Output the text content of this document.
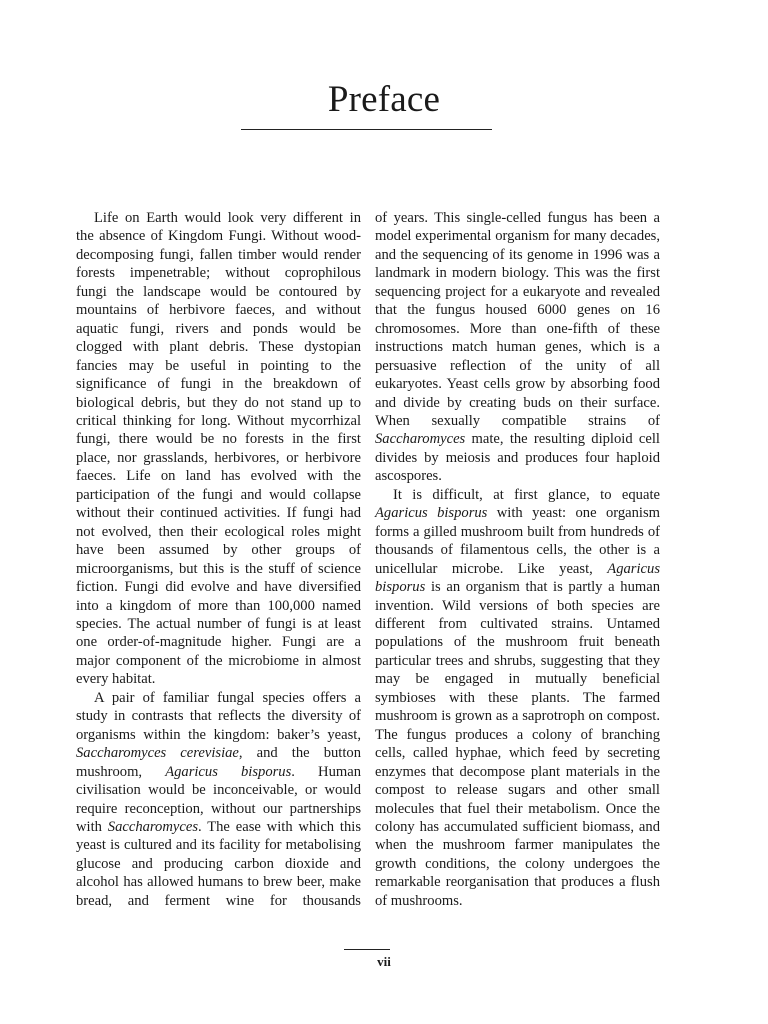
Preface

Life on Earth would look very different in the absence of Kingdom Fungi. Without wood-decomposing fungi, fallen timber would render forests impenetrable; without coprophilous fungi the landscape would be contoured by mountains of herbivore faeces, and without aquatic fungi, rivers and ponds would be clogged with plant debris. These dystopian fancies may be useful in pointing to the significance of fungi in the breakdown of biological debris, but they do not stand up to critical thinking for long. Without mycorrhizal fungi, there would be no forests in the first place, nor grasslands, herbivores, or herbivore faeces. Life on land has evolved with the participation of the fungi and would collapse without their continued activities. If fungi had not evolved, then their ecological roles might have been assumed by other groups of microorganisms, but this is the stuff of science fiction. Fungi did evolve and have diversified into a kingdom of more than 100,000 named species. The actual number of fungi is at least one order-of-magnitude higher. Fungi are a major component of the microbiome in almost every habitat.

A pair of familiar fungal species offers a study in contrasts that reflects the diversity of organisms within the kingdom: baker’s yeast, Saccharomyces cerevisiae, and the button mushroom, Agaricus bisporus. Human civilisation would be inconceivable, or would require reconception, without our partnerships with Saccharomyces. The ease with which this yeast is cultured and its facility for metabolising glucose and producing carbon dioxide and alcohol has allowed humans to brew beer, make bread, and ferment wine for thousands

of years. This single-celled fungus has been a model experimental organism for many decades, and the sequencing of its genome in 1996 was a landmark in modern biology. This was the first sequencing project for a eukaryote and revealed that the fungus housed 6000 genes on 16 chromosomes. More than one-fifth of these instructions match human genes, which is a persuasive reflection of the unity of all eukaryotes. Yeast cells grow by absorbing food and divide by creating buds on their surface. When sexually compatible strains of Saccharomyces mate, the resulting diploid cell divides by meiosis and produces four haploid ascospores.

It is difficult, at first glance, to equate Agaricus bisporus with yeast: one organism forms a gilled mushroom built from hundreds of thousands of filamentous cells, the other is a unicellular microbe. Like yeast, Agaricus bisporus is an organism that is partly a human invention. Wild versions of both species are different from cultivated strains. Untamed populations of the mushroom fruit beneath particular trees and shrubs, suggesting that they may be engaged in mutually beneficial symbioses with these plants. The farmed mushroom is grown as a saprotroph on compost. The fungus produces a colony of branching cells, called hyphae, which feed by secreting enzymes that decompose plant materials in the compost to release sugars and other small molecules that fuel their metabolism. Once the colony has accumulated sufficient biomass, and when the mushroom farmer manipulates the growth conditions, the colony undergoes the remarkable reorganisation that produces a flush of mushrooms.

vii
